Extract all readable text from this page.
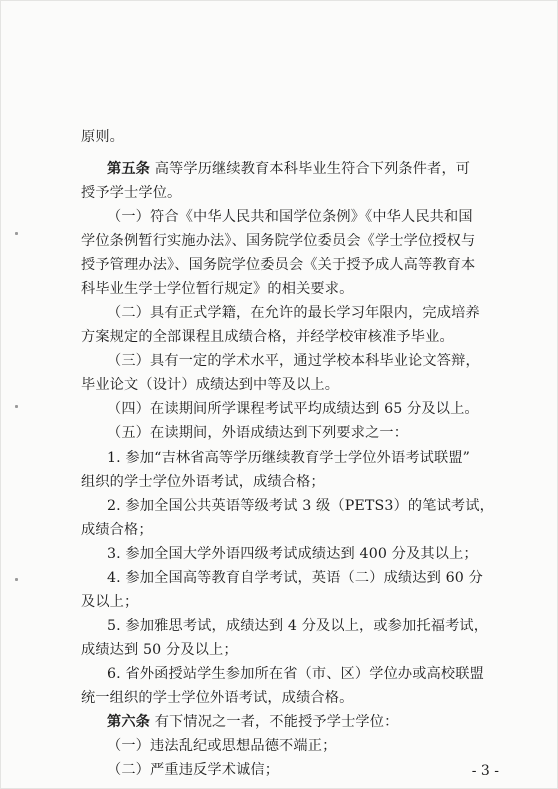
原则。
第五条 高等学历继续教育本科毕业生符合下列条件者，可
授予学士学位。
（一）符合《中华人民共和国学位条例》《中华人民共和国
学位条例暂行实施办法》、国务院学位委员会《学士学位授权与
授予管理办法》、国务院学位委员会《关于授予成人高等教育本
科毕业生学士学位暂行规定》的相关要求。
（二）具有正式学籍，在允许的最长学习年限内，完成培养
方案规定的全部课程且成绩合格，并经学校审核准予毕业。
（三）具有一定的学术水平，通过学校本科毕业论文答辩，
毕业论文（设计）成绩达到中等及以上。
（四）在读期间所学课程考试平均成绩达到 65 分及以上。
（五）在读期间，外语成绩达到下列要求之一：
1. 参加“吉林省高等学历继续教育学士学位外语考试联盟”
组织的学士学位外语考试，成绩合格；
2. 参加全国公共英语等级考试 3 级（PETS3）的笔试考试，
成绩合格；
3. 参加全国大学外语四级考试成绩达到 400 分及其以上；
4. 参加全国高等教育自学考试，英语（二）成绩达到 60 分
及以上；
5. 参加雅思考试，成绩达到 4 分及以上，或参加托福考试，
成绩达到 50 分及以上；
6. 省外函授站学生参加所在省（市、区）学位办或高校联盟
统一组织的学士学位外语考试，成绩合格。
第六条 有下情况之一者，不能授予学士学位：
（一）违法乱纪或思想品德不端正；
（二）严重违反学术诚信；	- 3 -
